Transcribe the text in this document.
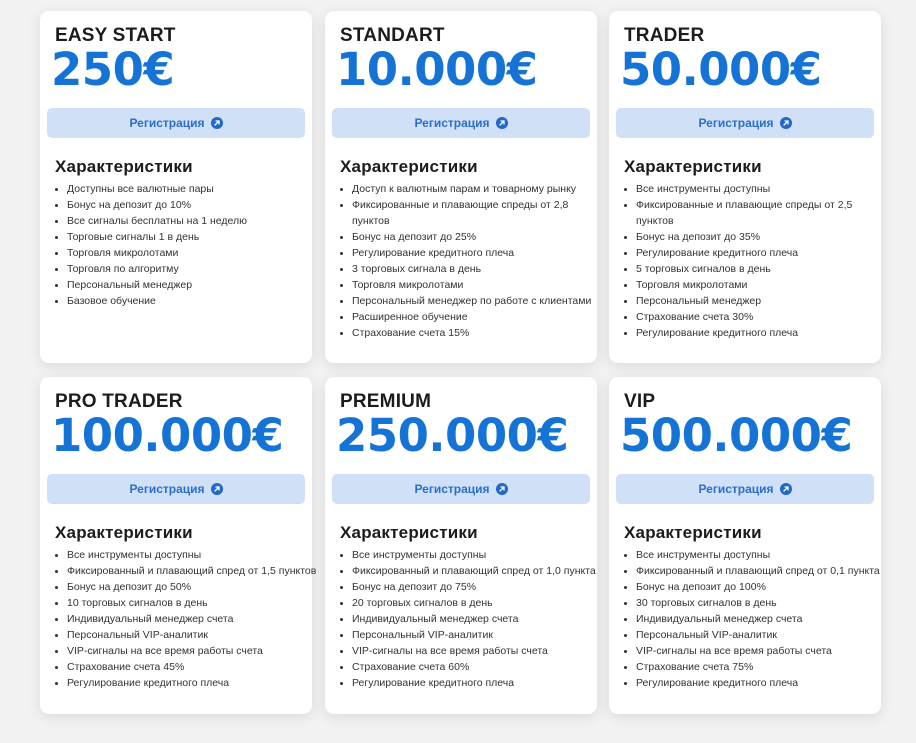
EASY START
250€
Регистрация
Характеристики
• Доступны все валютные пары
• Бонус на депозит до 10%
• Все сигналы бесплатны на 1 неделю
• Торговые сигналы 1 в день
• Торговля микролотами
• Торговля по алгоритму
• Персональный менеджер
• Базовое обучение
STANDART
10.000€
Регистрация
Характеристики
• Доступ к валютным парам и товарному рынку
• Фиксированные и плавающие спреды от 2,8 пунктов
• Бонус на депозит до 25%
• Регулирование кредитного плеча
• 3 торговых сигнала в день
• Торговля микролотами
• Персональный менеджер по работе с клиентами
• Расширенное обучение
• Страхование счета 15%
TRADER
50.000€
Регистрация
Характеристики
• Все инструменты доступны
• Фиксированные и плавающие спреды от 2,5 пунктов
• Бонус на депозит до 35%
• Регулирование кредитного плеча
• 5 торговых сигналов в день
• Торговля микролотами
• Персональный менеджер
• Страхование счета 30%
• Регулирование кредитного плеча
PRO TRADER
100.000€
Регистрация
Характеристики
• Все инструменты доступны
• Фиксированный и плавающий спред от 1,5 пунктов
• Бонус на депозит до 50%
• 10 торговых сигналов в день
• Индивидуальный менеджер счета
• Персональный VIP-аналитик
• VIP-сигналы на все время работы счета
• Страхование счета 45%
• Регулирование кредитного плеча
PREMIUM
250.000€
Регистрация
Характеристики
• Все инструменты доступны
• Фиксированный и плавающий спред от 1,0 пункта
• Бонус на депозит до 75%
• 20 торговых сигналов в день
• Индивидуальный менеджер счета
• Персональный VIP-аналитик
• VIP-сигналы на все время работы счета
• Страхование счета 60%
• Регулирование кредитного плеча
VIP
500.000€
Регистрация
Характеристики
• Все инструменты доступны
• Фиксированный и плавающий спред от 0,1 пункта
• Бонус на депозит до 100%
• 30 торговых сигналов в день
• Индивидуальный менеджер счета
• Персональный VIP-аналитик
• VIP-сигналы на все время работы счета
• Страхование счета 75%
• Регулирование кредитного плеча
